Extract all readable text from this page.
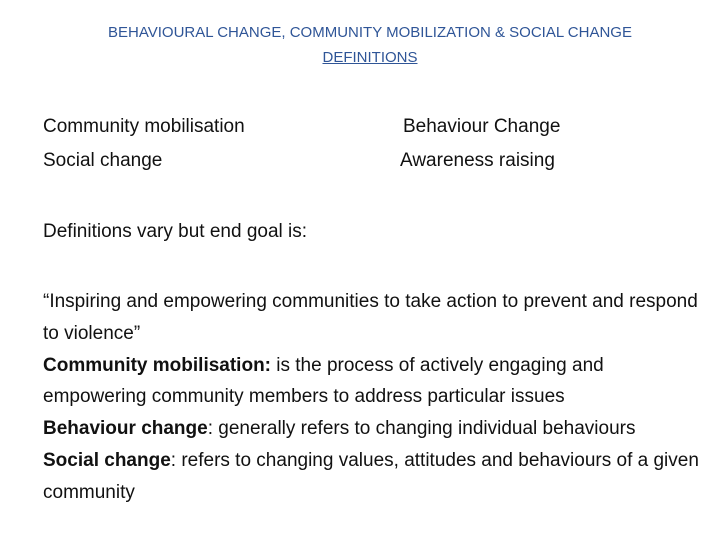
BEHAVIOURAL CHANGE, COMMUNITY MOBILIZATION & SOCIAL CHANGE
DEFINITIONS
Community mobilisation
Social change
Behaviour Change
Awareness raising
Definitions vary but end goal is:

“Inspiring and empowering communities to take action to prevent and respond to violence”

Community mobilisation: is the process of actively engaging and empowering community members to address particular issues

Behaviour change: generally refers to changing individual behaviours

Social change: refers to changing values, attitudes and behaviours of a given community
